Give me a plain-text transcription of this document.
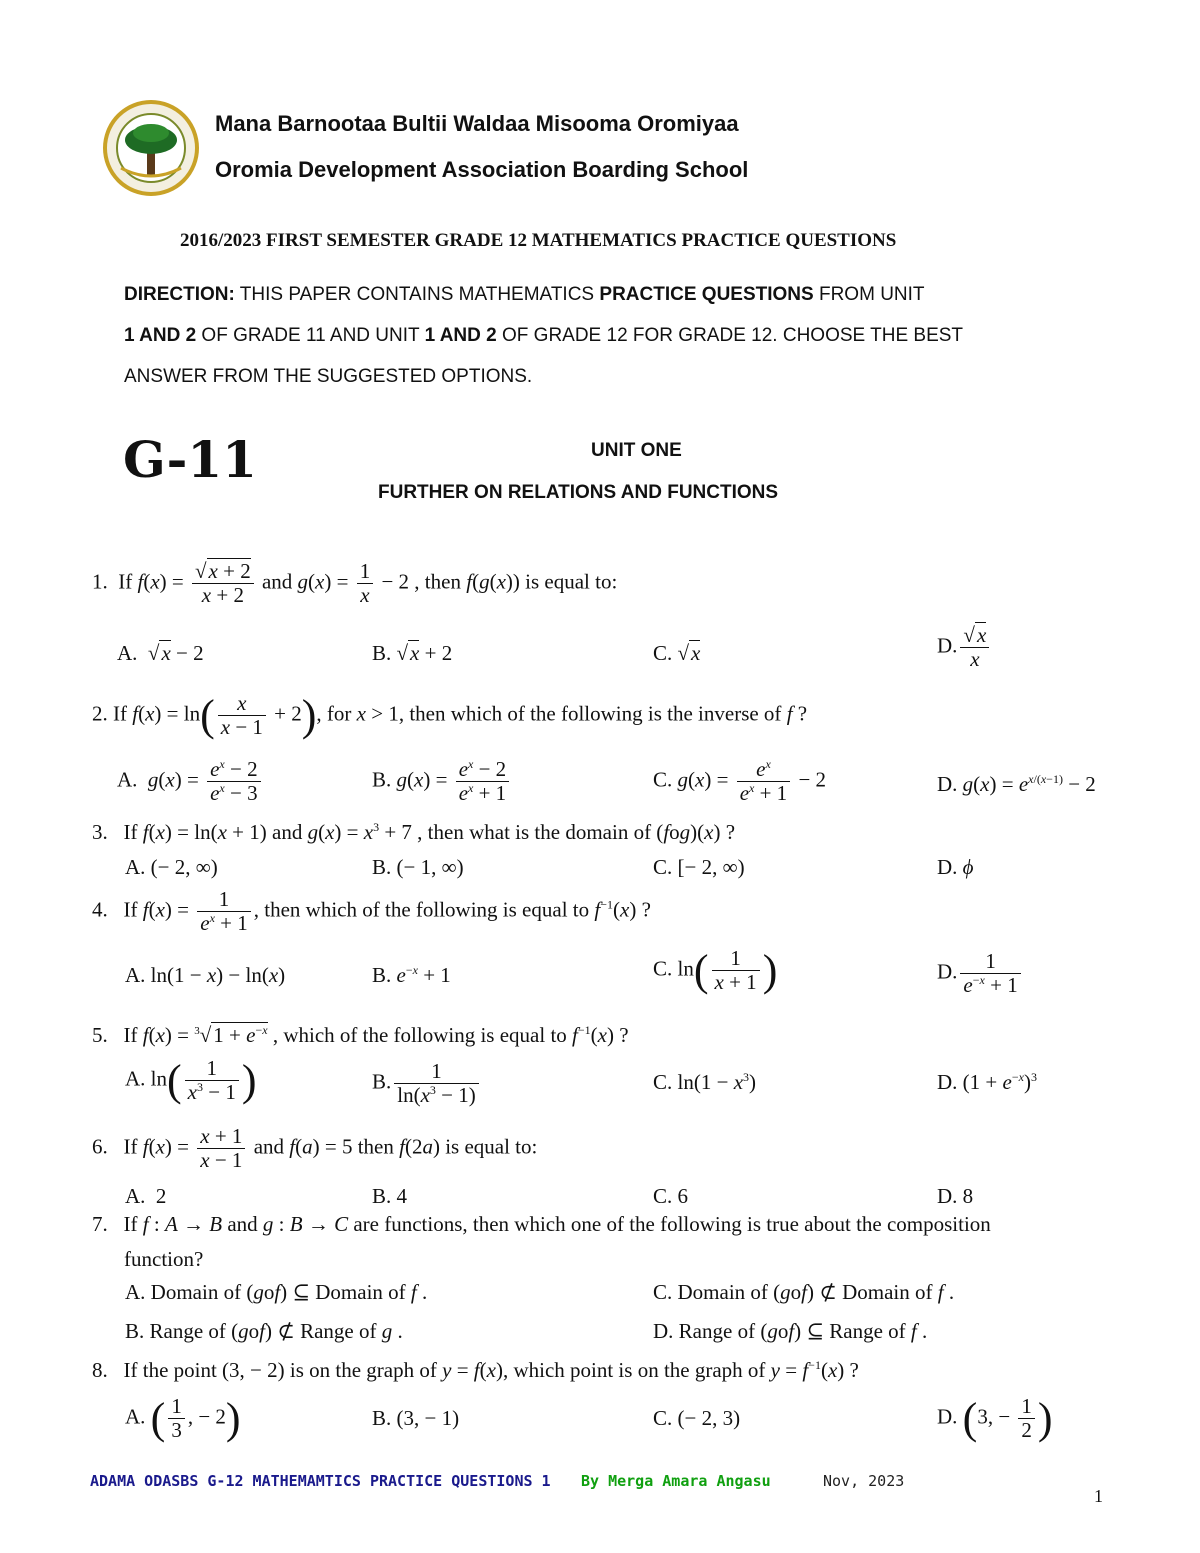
Mana Barnootaa Bultii Waldaa Misooma Oromiyaa
Oromia Development Association Boarding School
2016/2023 FIRST SEMESTER GRADE 12 MATHEMATICS PRACTICE QUESTIONS
DIRECTION: THIS PAPER CONTAINS MATHEMATICS PRACTICE QUESTIONS FROM UNIT
1 AND 2 OF GRADE 11 AND UNIT 1 AND 2 OF GRADE 12 FOR GRADE 12. CHOOSE THE BEST
ANSWER FROM THE SUGGESTED OPTIONS.
G-11	UNIT ONE
FURTHER ON RELATIONS AND FUNCTIONS
1.  If $f(x) = \frac{√x + 2}{x + 2}$ and $g(x) = \frac{1}{x} - 2$ , then f(g(x)) is equal to:
A.  √x − 2	B. √x + 2	C. √x	D. $\frac{√x}{x}$
2. If $f(x) = \ln( \frac{x}{x - 1} + 2)$, for x > 1, then which of the following is the inverse of f ?
A. $g(x) = \frac{e^x - 2}{e^x - 3}$	B. $g(x) = \frac{e^x - 2}{e^x + 1}$	C. $g(x) = \frac{e^x}{e^x + 1} - 2$	D. $g(x) = e^{x/(x-1)} - 2$
3.   If f(x) = ln(x + 1) and $g(x) = x^3 + 7$ , then what is the domain of (fog)(x) ?
A. (− 2, ∞)	B. (− 1, ∞)	C. [− 2, ∞)	D. ϕ
4.   If $f(x) = \frac{1}{e^x + 1}$ , then which of the following is equal to $f^{-1}(x)$ ?
A. ln(1 − x) − ln(x)	B. $e^{-x} + 1$	C. $\ln( \frac{1}{x + 1}$ )	D. $\frac{1}{e^{-x} + 1}$
5.   If $f(x) = ^3√1 + e^{-x}$ , which of the following is equal to $f^{-1}(x)$ ?
A. $\ln( \frac{1}{x^3 - 1}$ )	B. $\frac{1}{\ln(x^3 - 1)}$	C. $\ln(1 - x^3)$	D. $(1 + e^{-x})^3$
6.   If $f(x) = \frac{x + 1}{x - 1}$ and f(a) = 5 then f(2a) is equal to:
A. 2	B. 4	C. 6	D. 8
7.   If f : A → B and g : B → C are functions, then which one of the following is true about the composition
function?
A. Domain of (gof) ⊆ Domain of f .	C. Domain of (gof) ⊄ Domain of f .
B. Range of (gof) ⊄ Range of g .	D. Range of (gof) ⊆ Range of f .
8.   If the point (3, − 2) is on the graph of y = f(x), which point is on the graph of $y = f^{-1}(x)$ ?
A. ( $\frac{1}{3}$ , − 2)	B. (3, − 1)	C. (− 2, 3)	D. (3, − $\frac{1}{2}$ )
ADAMA ODASBS G-12 MATHEMAMTICS PRACTICE QUESTIONS 1 By Merga Amara Angasu	Nov, 2023
1
